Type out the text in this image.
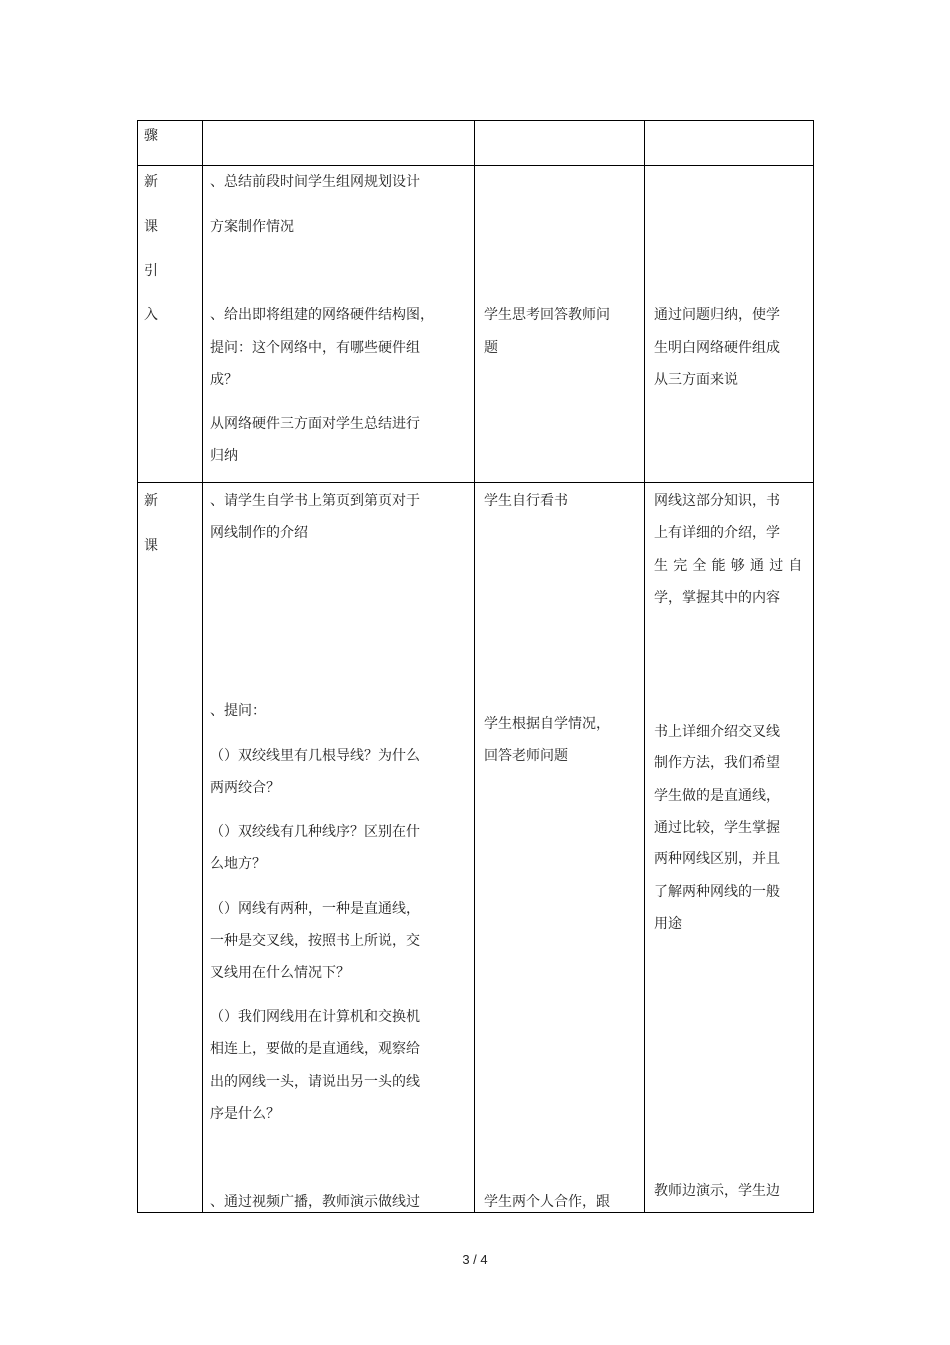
骤
新
课
引
入
、总结前段时间学生组网规划设计
方案制作情况
、给出即将组建的网络硬件结构图，
提问：这个网络中，有哪些硬件组
成？
从网络硬件三方面对学生总结进行
归纳
学生思考回答教师问
题
通过问题归纳，使学
生明白网络硬件组成
从三方面来说
新
课
、请学生自学书上第页到第页对于
网线制作的介绍
、提问：
（）双绞线里有几根导线？为什么
两两绞合？
（）双绞线有几种线序？区别在什
么地方？
（）网线有两种，一种是直通线，
一种是交叉线，按照书上所说，交
叉线用在什么情况下？
（）我们网线用在计算机和交换机
相连上，要做的是直通线，观察给
出的网线一头，请说出另一头的线
序是什么？
、通过视频广播，教师演示做线过
学生自行看书
学生根据自学情况，
回答老师问题
学生两个人合作，跟
网线这部分知识，书
上有详细的介绍，学
生完全能够通过自
学，掌握其中的内容
书上详细介绍交叉线
制作方法，我们希望
学生做的是直通线，
通过比较，学生掌握
两种网线区别，并且
了解两种网线的一般
用途
教师边演示，学生边
3 / 4
